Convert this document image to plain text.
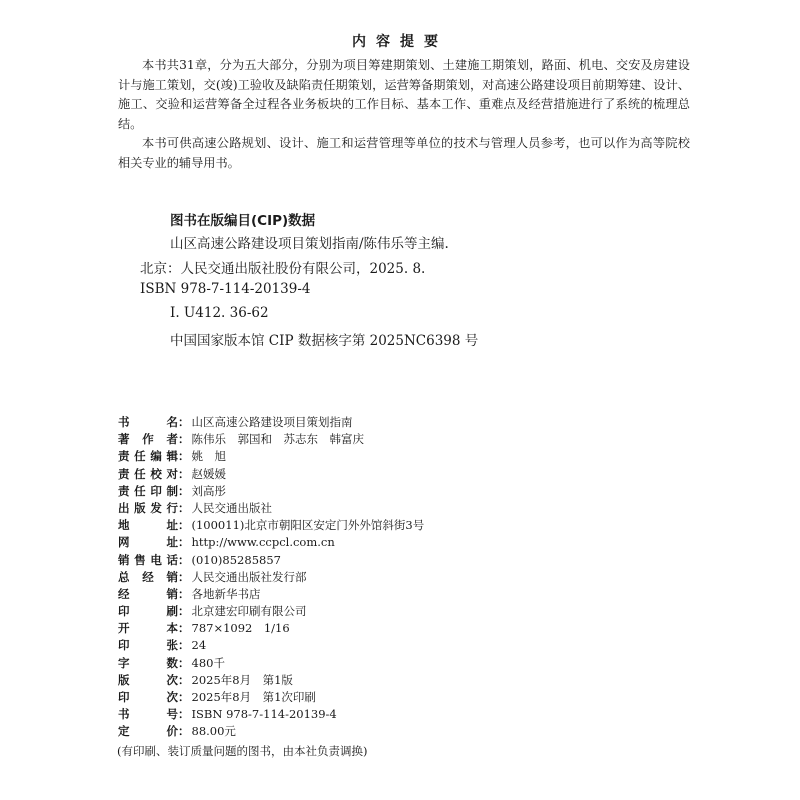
内容提要

本书共31章，分为五大部分，分别为项目筹建期策划、土建施工期策划，路面、机电、交安及房建设计与施工策划，交(竣)工验收及缺陷责任期策划，运营筹备期策划，对高速公路建设项目前期筹建、设计、施工、交验和运营筹备全过程各业务板块的工作目标、基本工作、重难点及经营措施进行了系统的梳理总结。

本书可供高速公路规划、设计、施工和运营管理等单位的技术与管理人员参考，也可以作为高等院校相关专业的辅导用书。

图书在版编目(CIP)数据
山区高速公路建设项目策划指南/陈伟乐等主编.
北京：人民交通出版社股份有限公司，2025. 8.
ISBN 978-7-114-20139-4
Ⅰ. U412. 36-62
中国国家版本馆 CIP 数据核字第 2025NC6398 号
书名 ： 山区高速公路建设项目策划指南
著作者 ： 陈伟乐　郭国和　苏志东　韩富庆
责任编辑 ： 姚　旭
责任校对 ： 赵媛媛
责任印制 ： 刘高彤
出版发行 ： 人民交通出版社
地址 ： (100011)北京市朝阳区安定门外外馆斜街3号
网址 ： http://www.ccpcl.com.cn
销售电话 ： (010)85285857
总经销 ： 人民交通出版社发行部
经销 ： 各地新华书店
印刷 ： 北京建宏印刷有限公司
开本 ： 787×1092　1/16
印张 ： 24
字数 ： 480千
版次 ： 2025年8月　第1版
印次 ： 2025年8月　第1次印刷
书号 ： ISBN 978-7-114-20139-4
定价 ： 88.00元
(有印刷、装订质量问题的图书，由本社负责调换)
